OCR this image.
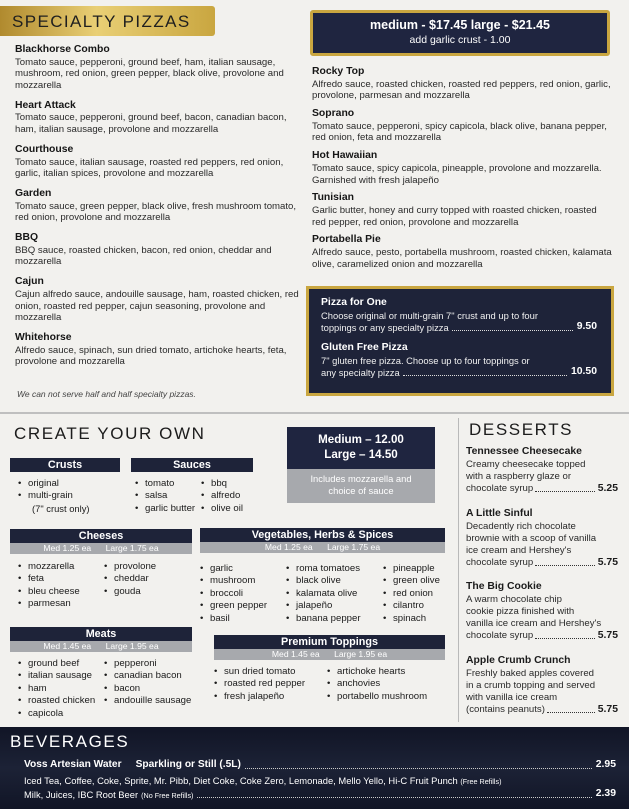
SPECIALTY PIZZAS	medium - $17.45 large - $21.45
add garlic crust - 1.00
Blackhorse Combo
Tomato sauce, pepperoni, ground beef, ham, italian sausage, mushroom, red onion, green pepper, black olive, provolone and mozzarella
Heart Attack
Tomato sauce, pepperoni, ground beef, bacon, canadian bacon, ham, italian sausage, provolone and mozzarella
Courthouse
Tomato sauce, italian sausage, roasted red peppers, red onion, garlic, italian spices, provolone and mozzarella
Garden
Tomato sauce, green pepper, black olive, fresh mushroom tomato, red onion, provolone and mozzarella
BBQ
BBQ sauce, roasted chicken, bacon, red onion, cheddar and mozzarella
Cajun
Cajun alfredo sauce, andouille sausage, ham, roasted chicken, red onion, roasted red pepper, cajun seasoning, provolone and mozzarella
Whitehorse
Alfredo sauce, spinach, sun dried tomato, artichoke hearts, feta, provolone and mozzarella
We can not serve half and half specialty pizzas.
Rocky Top
Alfredo sauce, roasted chicken, roasted red peppers, red onion, garlic, provolone, parmesan and mozzarella
Soprano
Tomato sauce, pepperoni, spicy capicola, black olive, banana pepper, red onion, feta and mozzarella
Hot Hawaiian
Tomato sauce, spicy capicola, pineapple, provolone and mozzarella. Garnished with fresh jalapeño
Tunisian
Garlic butter, honey and curry topped with roasted chicken, roasted red pepper, red onion, provolone and mozzarella
Portabella Pie
Alfredo sauce, pesto, portabella mushroom, roasted chicken, kalamata olive, caramelized onion and mozzarella
Pizza for One
Choose original or multi-grain 7" crust and up to four
toppings or any specialty pizza	9.50
Gluten Free Pizza
7" gluten free pizza. Choose up to four toppings or
any specialty pizza	10.50
CREATE YOUR OWN	Medium – 12.00
Large – 14.50
Includes mozzarella and
choice of sauce
Crusts
• original
• multi-grain
(7" crust only)
Sauces
• tomato
• salsa
• garlic butter
• bbq
• alfredo
• olive oil
Cheeses
Med 1.25 ea Large 1.75 ea
• mozzarella
• feta
• bleu cheese
• parmesan
• provolone
• cheddar
• gouda
Meats
Med 1.45 ea Large 1.95 ea
• ground beef
• italian sausage
• ham
• roasted chicken
• capicola
• pepperoni
• canadian bacon
• bacon
• andouille sausage
Vegetables, Herbs & Spices
Med 1.25 ea Large 1.75 ea
• garlic
• mushroom
• broccoli
• green pepper
• basil
• roma tomatoes
• black olive
• kalamata olive
• jalapeño
• banana pepper
• pineapple
• green olive
• red onion
• cilantro
• spinach
Premium Toppings
Med 1.45 ea Large 1.95 ea
• sun dried tomato
• roasted red pepper
• fresh jalapeño
• artichoke hearts
• anchovies
• portabello mushroom
DESSERTS
Tennessee Cheesecake
Creamy cheesecake topped
with a raspberry glaze or
chocolate syrup	5.25
A Little Sinful
Decadently rich chocolate
brownie with a scoop of vanilla
ice cream and Hershey's
chocolate syrup	5.75
The Big Cookie
A warm chocolate chip
cookie pizza finished with
vanilla ice cream and Hershey's
chocolate syrup	5.75
Apple Crumb Crunch
Freshly baked apples covered
in a crumb topping and served
with vanilla ice cream
(contains peanuts)	5.75
BEVERAGES
Voss Artesian Water Sparkling or Still (.5L)	2.95
Iced Tea, Coffee, Coke, Sprite, Mr. Pibb, Diet Coke, Coke Zero, Lemonade, Mello Yello, Hi-C Fruit Punch (Free Refills)
Milk, Juices, IBC Root Beer (No Free Refills)	2.39
